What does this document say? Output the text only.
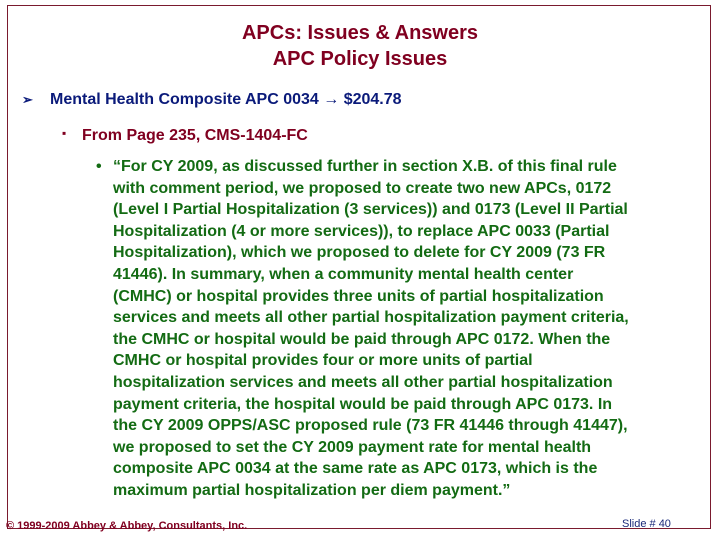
APCs: Issues & Answers
APC Policy Issues
➢ Mental Health Composite APC 0034 → $204.78
▪ From Page 235, CMS-1404-FC
• “For CY 2009, as discussed further in section X.B. of this final rule
with comment period, we proposed to create two new APCs, 0172
(Level I Partial Hospitalization (3 services)) and 0173 (Level II Partial
Hospitalization (4 or more services)), to replace APC 0033 (Partial
Hospitalization), which we proposed to delete for CY 2009 (73 FR
41446). In summary, when a community mental health center
(CMHC) or hospital provides three units of partial hospitalization
services and meets all other partial hospitalization payment criteria,
the CMHC or hospital would be paid through APC 0172. When the
CMHC or hospital provides four or more units of partial
hospitalization services and meets all other partial hospitalization
payment criteria, the hospital would be paid through APC 0173. In
the CY 2009 OPPS/ASC proposed rule (73 FR 41446 through 41447),
we proposed to set the CY 2009 payment rate for mental health
composite APC 0034 at the same rate as APC 0173, which is the
maximum partial hospitalization per diem payment.”
© 1999-2009 Abbey & Abbey, Consultants, Inc.	Slide # 40
